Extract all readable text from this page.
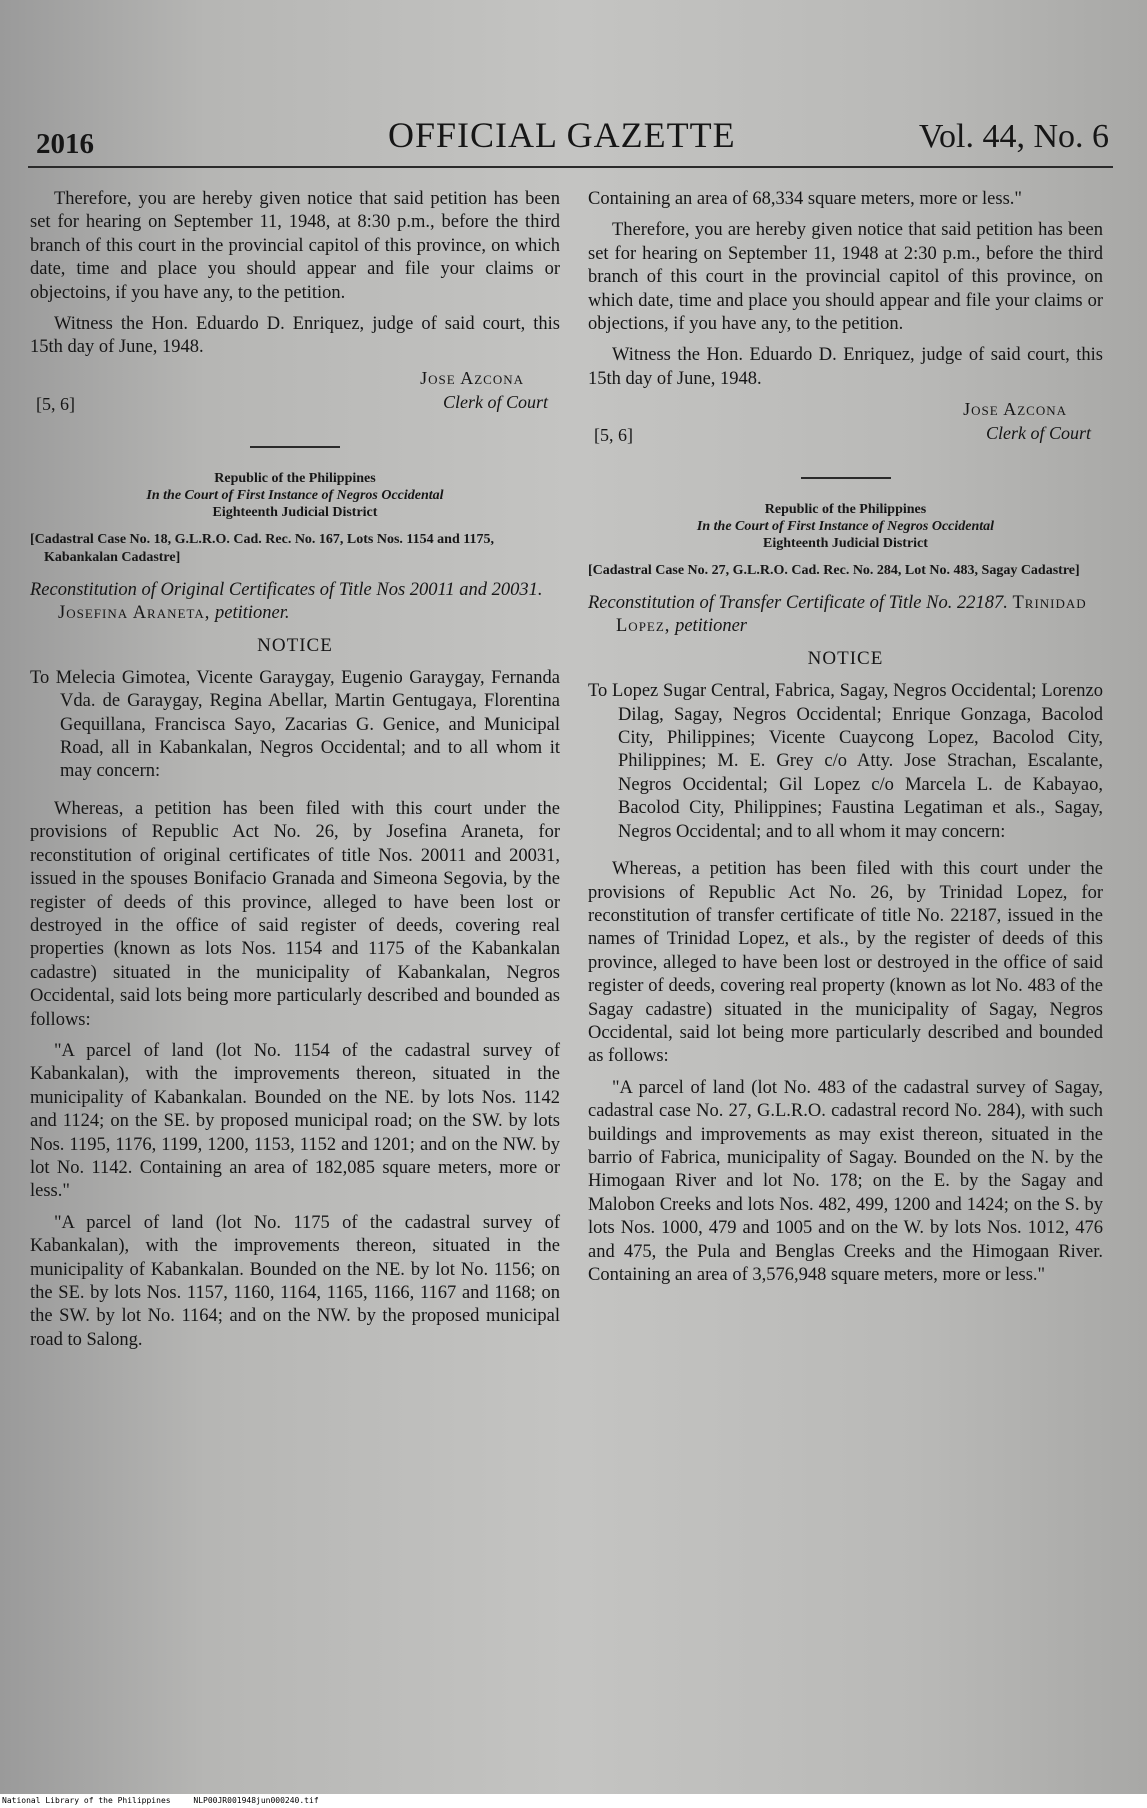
2016	OFFICIAL GAZETTE	Vol. 44, No. 6

Therefore, you are hereby given notice that said petition has been set for hearing on September 11, 1948, at 8:30 p.m., before the third branch of this court in the provincial capitol of this province, on which date, time and place you should appear and file your claims or objectoins, if you have any, to the petition.

Witness the Hon. Eduardo D. Enriquez, judge of said court, this 15th day of June, 1948.

Jose Azcona
Clerk of Court
[5, 6]
Republic of the Philippines
In the Court of First Instance of Negros Occidental
Eighteenth Judicial District

[Cadastral Case No. 18, G.L.R.O. Cad. Rec. No. 167, Lots Nos. 1154 and 1175, Kabankalan Cadastre]

Reconstitution of Original Certificates of Title Nos 20011 and 20031. Josefina Araneta, petitioner.

NOTICE

To Melecia Gimotea, Vicente Garaygay, Eugenio Garaygay, Fernanda Vda. de Garaygay, Regina Abellar, Martin Gentugaya, Florentina Gequillana, Francisca Sayo, Zacarias G. Genice, and Municipal Road, all in Kabankalan, Negros Occidental; and to all whom it may concern:

Whereas, a petition has been filed with this court under the provisions of Republic Act No. 26, by Josefina Araneta, for reconstitution of original certificates of title Nos. 20011 and 20031, issued in the spouses Bonifacio Granada and Simeona Segovia, by the register of deeds of this province, alleged to have been lost or destroyed in the office of said register of deeds, covering real properties (known as lots Nos. 1154 and 1175 of the Kabankalan cadastre) situated in the municipality of Kabankalan, Negros Occidental, said lots being more particularly described and bounded as follows:

"A parcel of land (lot No. 1154 of the cadastral survey of Kabankalan), with the improvements thereon, situated in the municipality of Kabankalan. Bounded on the NE. by lots Nos. 1142 and 1124; on the SE. by proposed municipal road; on the SW. by lots Nos. 1195, 1176, 1199, 1200, 1153, 1152 and 1201; and on the NW. by lot No. 1142. Containing an area of 182,085 square meters, more or less."

"A parcel of land (lot No. 1175 of the cadastral survey of Kabankalan), with the improvements thereon, situated in the municipality of Kabankalan. Bounded on the NE. by lot No. 1156; on the SE. by lots Nos. 1157, 1160, 1164, 1165, 1166, 1167 and 1168; on the SW. by lot No. 1164; and on the NW. by the proposed municipal road to Salong.

Containing an area of 68,334 square meters, more or less."

Therefore, you are hereby given notice that said petition has been set for hearing on September 11, 1948 at 2:30 p.m., before the third branch of this court in the provincial capitol of this province, on which date, time and place you should appear and file your claims or objections, if you have any, to the petition.

Witness the Hon. Eduardo D. Enriquez, judge of said court, this 15th day of June, 1948.

Jose Azcona
Clerk of Court
[5, 6]
Republic of the Philippines
In the Court of First Instance of Negros Occidental
Eighteenth Judicial District

[Cadastral Case No. 27, G.L.R.O. Cad. Rec. No. 284, Lot No. 483, Sagay Cadastre]

Reconstitution of Transfer Certificate of Title No. 22187. Trinidad Lopez, petitioner

NOTICE

To Lopez Sugar Central, Fabrica, Sagay, Negros Occidental; Lorenzo Dilag, Sagay, Negros Occidental; Enrique Gonzaga, Bacolod City, Philippines; Vicente Cuaycong Lopez, Bacolod City, Philippines; M. E. Grey c/o Atty. Jose Strachan, Escalante, Negros Occidental; Gil Lopez c/o Marcela L. de Kabayao, Bacolod City, Philippines; Faustina Legatiman et als., Sagay, Negros Occidental; and to all whom it may concern:

Whereas, a petition has been filed with this court under the provisions of Republic Act No. 26, by Trinidad Lopez, for reconstitution of transfer certificate of title No. 22187, issued in the names of Trinidad Lopez, et als., by the register of deeds of this province, alleged to have been lost or destroyed in the office of said register of deeds, covering real property (known as lot No. 483 of the Sagay cadastre) situated in the municipality of Sagay, Negros Occidental, said lot being more particularly described and bounded as follows:

"A parcel of land (lot No. 483 of the cadastral survey of Sagay, cadastral case No. 27, G.L.R.O. cadastral record No. 284), with such buildings and improvements as may exist thereon, situated in the barrio of Fabrica, municipality of Sagay. Bounded on the N. by the Himogaan River and lot No. 178; on the E. by the Sagay and Malobon Creeks and lots Nos. 482, 499, 1200 and 1424; on the S. by lots Nos. 1000, 479 and 1005 and on the W. by lots Nos. 1012, 476 and 475, the Pula and Benglas Creeks and the Himogaan River. Containing an area of 3,576,948 square meters, more or less."

National Library of the Philippines	NLP00JR001948jun000240.tif
